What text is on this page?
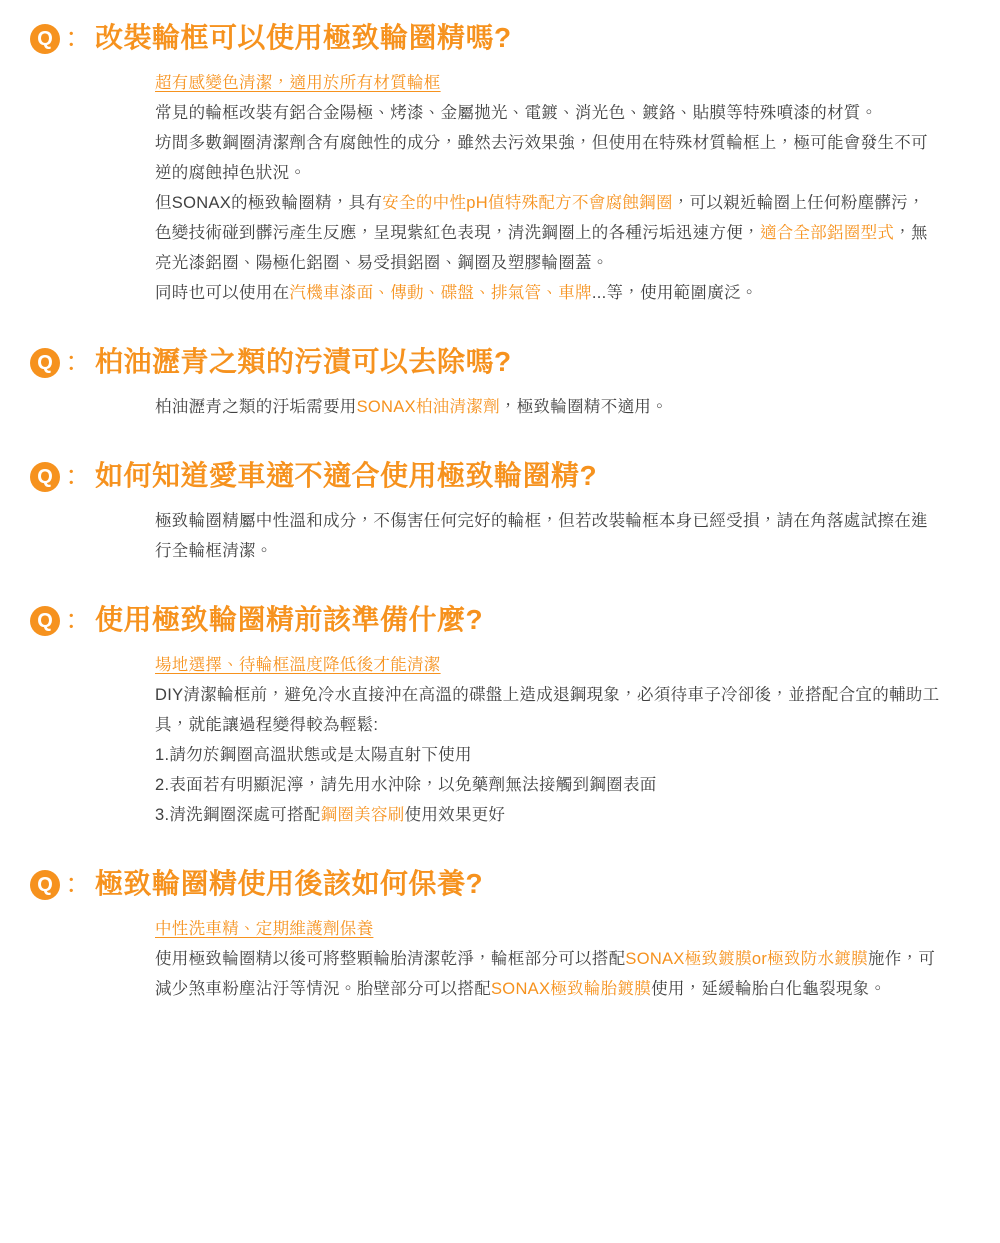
Q ： 改裝輪框可以使用極致輪圈精嗎?
超有感變色清潔，適用於所有材質輪框

常見的輪框改裝有鋁合金陽極、烤漆、金屬拋光、電鍍、消光色、鍍鉻、貼膜等特殊噴漆的材質。

坊間多數鋼圈清潔劑含有腐蝕性的成分，雖然去污效果強，但使用在特殊材質輪框上，極可能會發生不可逆的腐蝕掉色狀況。

但SONAX的極致輪圈精，具有安全的中性pH值特殊配方不會腐蝕鋼圈，可以親近輪圈上任何粉塵髒污，色變技術碰到髒污產生反應，呈現紫紅色表現，清洗鋼圈上的各種污垢迅速方便，適合全部鋁圈型式，無亮光漆鋁圈、陽極化鋁圈、易受損鋁圈、鋼圈及塑膠輪圈蓋。

同時也可以使用在汽機車漆面、傳動、碟盤、排氣管、車牌...等，使用範圍廣泛。

Q ： 柏油瀝青之類的污漬可以去除嗎?

柏油瀝青之類的汙垢需要用SONAX柏油清潔劑，極致輪圈精不適用。

Q ： 如何知道愛車適不適合使用極致輪圈精?

極致輪圈精屬中性溫和成分，不傷害任何完好的輪框，但若改裝輪框本身已經受損，請在角落處試擦在進行全輪框清潔。

Q ： 使用極致輪圈精前該準備什麼?
場地選擇、待輪框溫度降低後才能清潔

DIY清潔輪框前，避免冷水直接沖在高溫的碟盤上造成退鋼現象，必須待車子冷卻後，並搭配合宜的輔助工具，就能讓過程變得較為輕鬆:

1.請勿於鋼圈高溫狀態或是太陽直射下使用

2.表面若有明顯泥濘，請先用水沖除，以免藥劑無法接觸到鋼圈表面

3.清洗鋼圈深處可搭配鋼圈美容刷使用效果更好

Q ： 極致輪圈精使用後該如何保養?
中性洗車精、定期維護劑保養

使用極致輪圈精以後可將整顆輪胎清潔乾淨，輪框部分可以搭配SONAX極致鍍膜or極致防水鍍膜施作，可減少煞車粉塵沾汙等情況。胎壁部分可以搭配SONAX極致輪胎鍍膜使用，延緩輪胎白化龜裂現象。
